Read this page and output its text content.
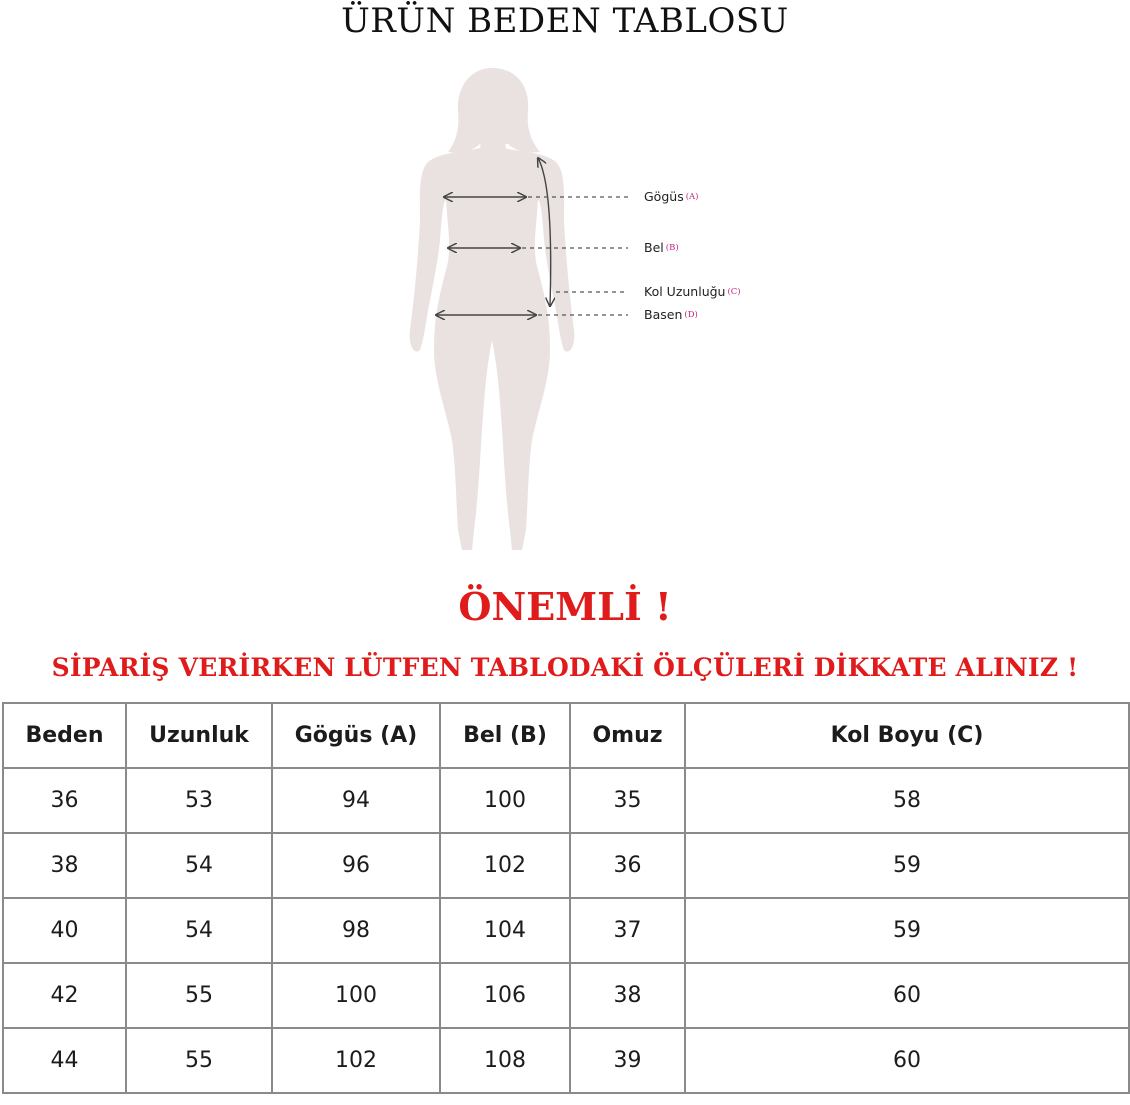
ÜRÜN BEDEN TABLOSU
Gögüs (A)
Bel (B)
Kol Uzunluğu (C)
Basen (D)
ÖNEMLİ !
SİPARİŞ VERİRKEN LÜTFEN TABLODAKİ ÖLÇÜLERİ DİKKATE ALINIZ !
Beden	Uzunluk	Gögüs (A)	Bel (B)	Omuz	Kol Boyu (C)
36	53	94	100	35	58
38	54	96	102	36	59
40	54	98	104	37	59
42	55	100	106	38	60
44	55	102	108	39	60
